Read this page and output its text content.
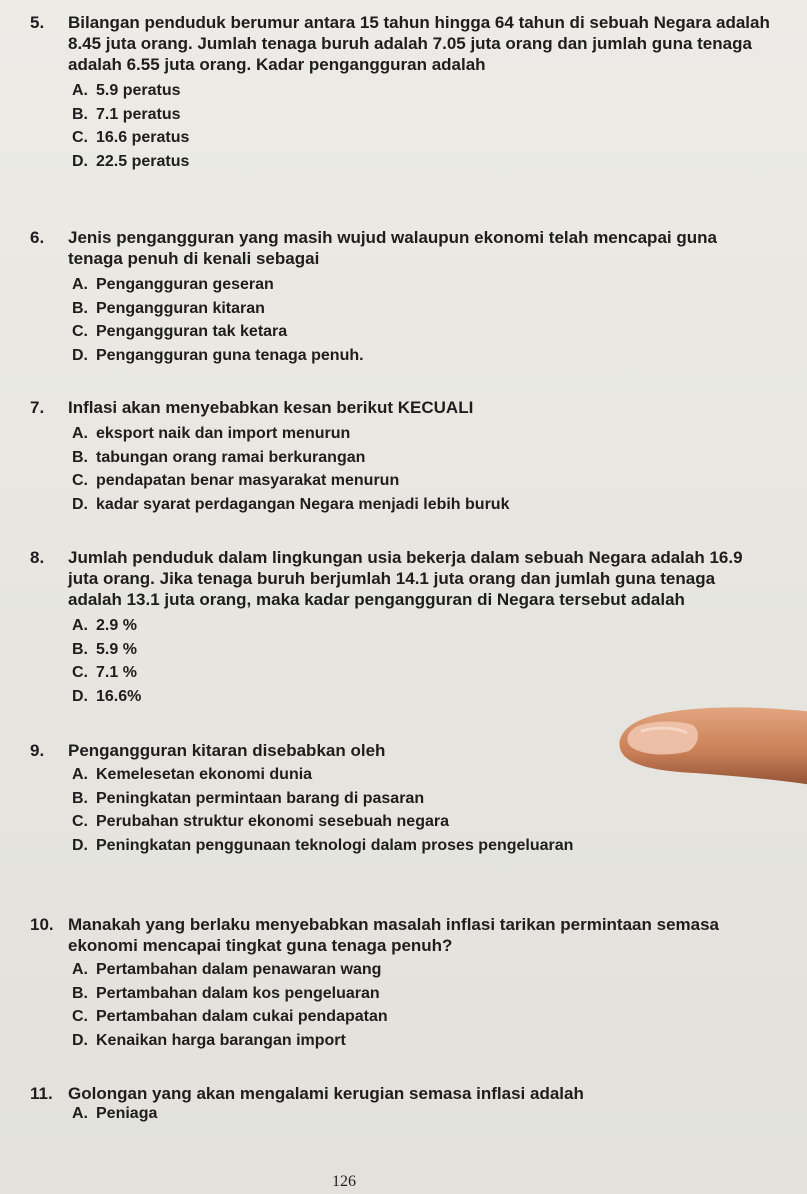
5. Bilangan penduduk berumur antara 15 tahun hingga 64 tahun di sebuah Negara adalah 8.45 juta orang. Jumlah tenaga buruh adalah 7.05 juta orang dan jumlah guna tenaga adalah 6.55 juta orang. Kadar pengangguran adalah

A. 5.9 peratus
B. 7.1 peratus
C. 16.6 peratus
D. 22.5 peratus

6. Jenis pengangguran yang masih wujud walaupun ekonomi telah mencapai guna tenaga penuh di kenali sebagai

A. Pengangguran geseran
B. Pengangguran kitaran
C. Pengangguran tak ketara
D. Pengangguran guna tenaga penuh.

7. Inflasi akan menyebabkan kesan berikut KECUALI

A. eksport naik dan import menurun
B. tabungan orang ramai berkurangan
C. pendapatan benar masyarakat menurun
D. kadar syarat perdagangan Negara menjadi lebih buruk

8. Jumlah penduduk dalam lingkungan usia bekerja dalam sebuah Negara adalah 16.9 juta orang. Jika tenaga buruh berjumlah 14.1 juta orang dan jumlah guna tenaga adalah 13.1 juta orang, maka kadar pengangguran di Negara tersebut adalah

A. 2.9 %
B. 5.9 %
C. 7.1 %
D. 16.6%

9. Pengangguran kitaran disebabkan oleh

A. Kemelesetan ekonomi dunia
B. Peningkatan permintaan barang di pasaran
C. Perubahan struktur ekonomi sesebuah negara
D. Peningkatan penggunaan teknologi dalam proses pengeluaran

10. Manakah yang berlaku menyebabkan masalah inflasi tarikan permintaan semasa ekonomi mencapai tingkat guna tenaga penuh?

A. Pertambahan dalam penawaran wang
B. Pertambahan dalam kos pengeluaran
C. Pertambahan dalam cukai pendapatan
D. Kenaikan harga barangan import

11. Golongan yang akan mengalami kerugian semasa inflasi adalah

A. Peniaga
126
